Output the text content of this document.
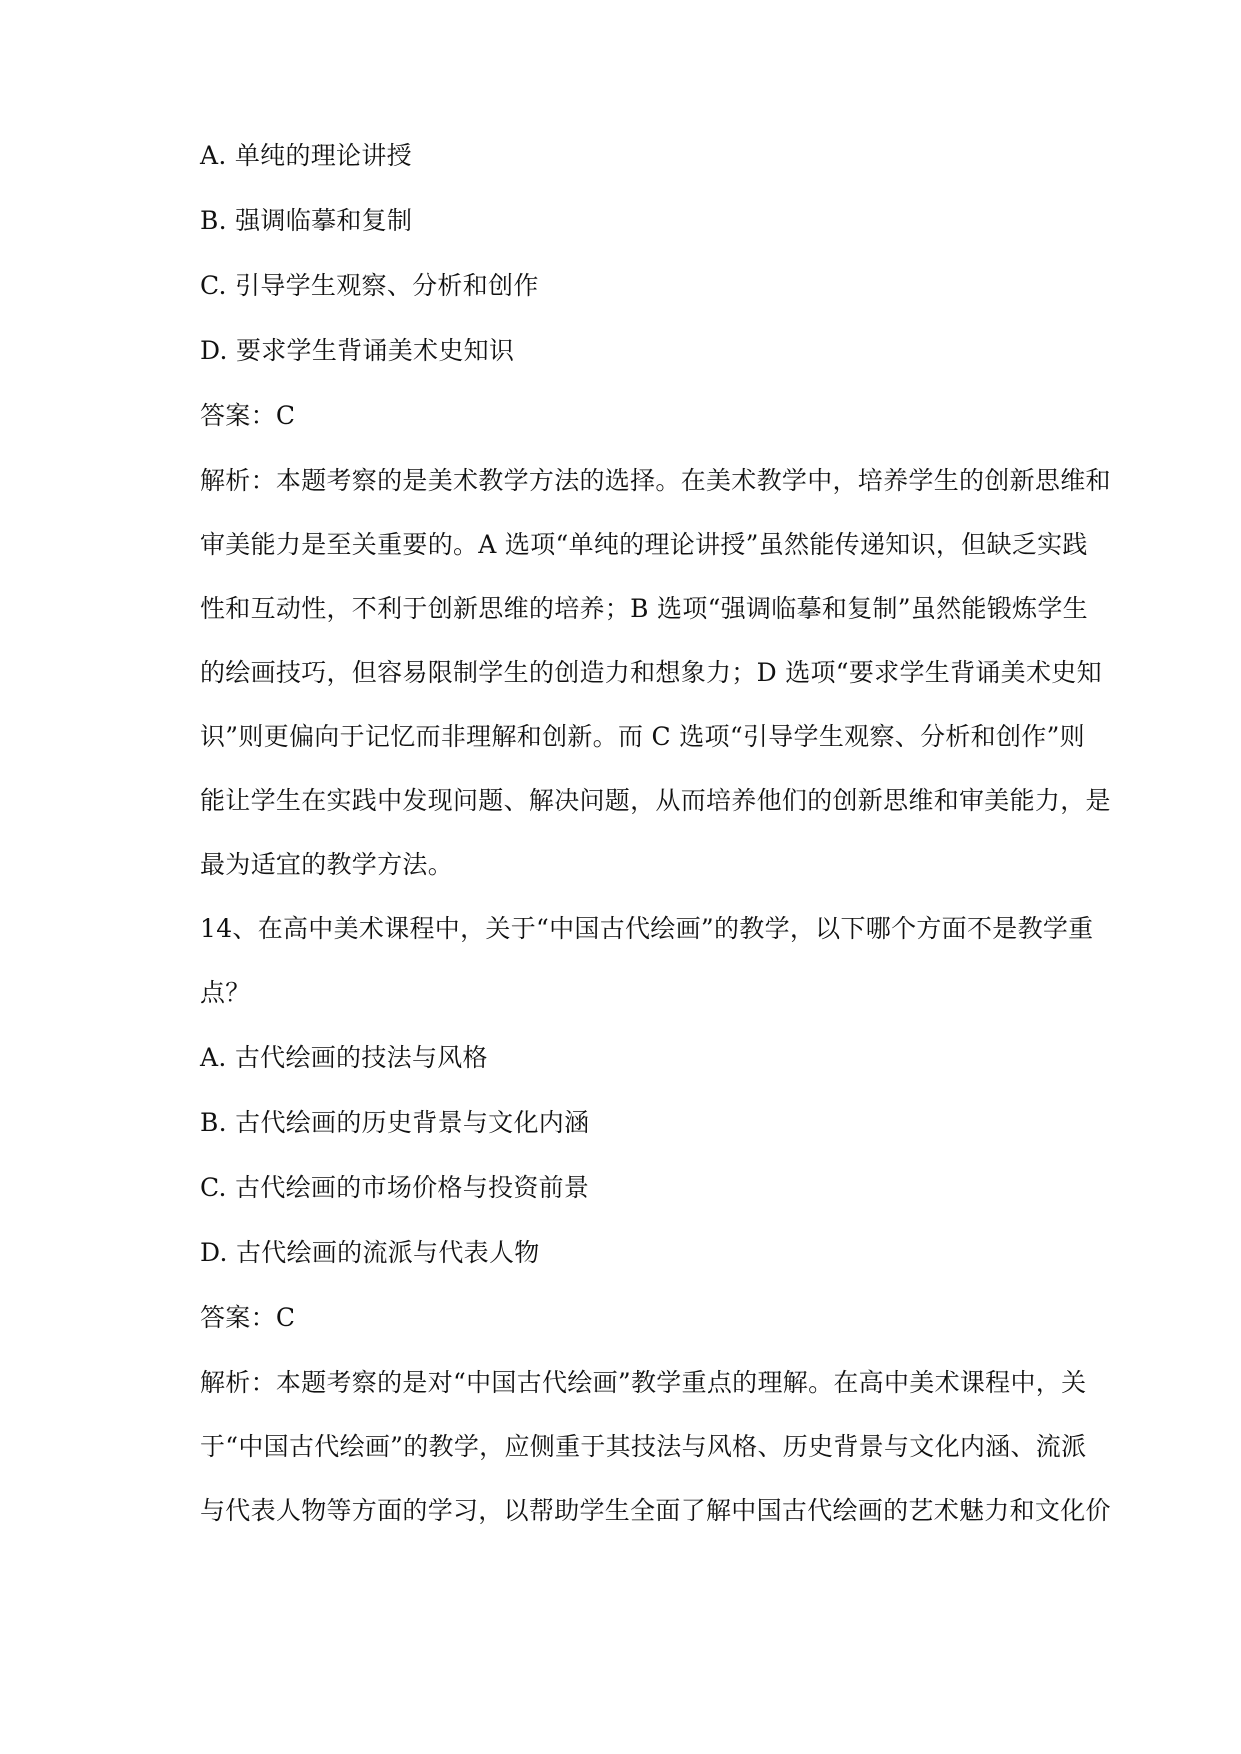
A. 单纯的理论讲授
B. 强调临摹和复制
C. 引导学生观察、分析和创作
D. 要求学生背诵美术史知识
答案：C
解析：本题考察的是美术教学方法的选择。在美术教学中，培养学生的创新思维和
审美能力是至关重要的。A 选项“单纯的理论讲授”虽然能传递知识，但缺乏实践
性和互动性，不利于创新思维的培养；B 选项“强调临摹和复制”虽然能锻炼学生
的绘画技巧，但容易限制学生的创造力和想象力；D 选项“要求学生背诵美术史知
识”则更偏向于记忆而非理解和创新。而 C 选项“引导学生观察、分析和创作”则
能让学生在实践中发现问题、解决问题，从而培养他们的创新思维和审美能力，是
最为适宜的教学方法。
14、在高中美术课程中，关于“中国古代绘画”的教学，以下哪个方面不是教学重
点？
A. 古代绘画的技法与风格
B. 古代绘画的历史背景与文化内涵
C. 古代绘画的市场价格与投资前景
D. 古代绘画的流派与代表人物
答案：C
解析：本题考察的是对“中国古代绘画”教学重点的理解。在高中美术课程中，关
于“中国古代绘画”的教学，应侧重于其技法与风格、历史背景与文化内涵、流派
与代表人物等方面的学习，以帮助学生全面了解中国古代绘画的艺术魅力和文化价
